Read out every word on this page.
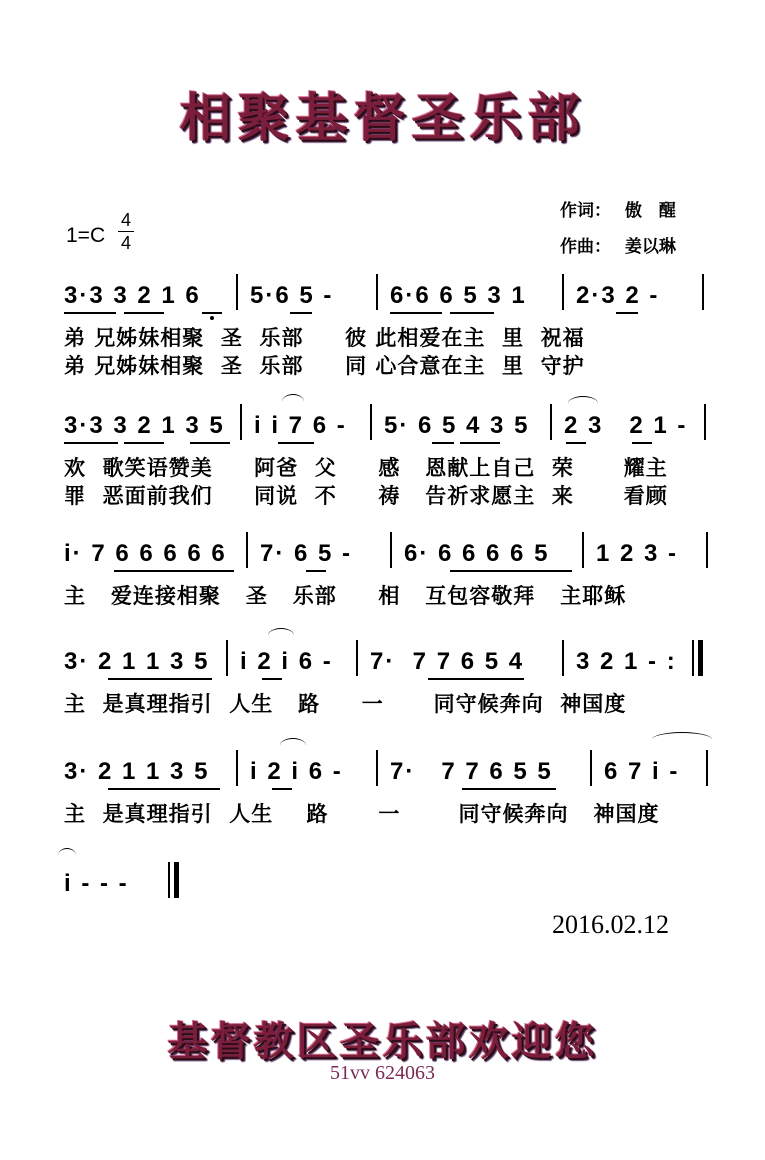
相聚基督圣乐部
作词： 傲　醒
作曲： 姜以琳
1=C
4
4
3·3 3 2 1 6 5·6 5 - 6·6 6 5 3 1 2·3 2 -
弟 兄姊妹相聚  圣  乐部     彼 此相爱在主  里  祝福
弟 兄姊妹相聚  圣  乐部     同 心合意在主  里  守护
3·3 3 2 1 3 5 i i 7 6 - 5· 6 5 4 3 5 2 3   2 1 -
欢  歌笑语赞美     阿爸  父     感   恩献上自己  荣      耀主
罪  恶面前我们     同说  不     祷   告祈求愿主  来      看顾
i· 7 6 6 6 6 6 7· 6 5 - 6· 6 6 6 6 5 1 2 3 -
主   爱连接相聚   圣   乐部     相   互包容敬拜   主耶稣
3· 2 1 1 3 5 i 2 i 6 - 7·  7 7 6 5 4 3 2 1 - :
主  是真理指引  人生   路     一      同守候奔向  神国度
3· 2 1 1 3 5 i 2 i 6 - 7·   7 7 6 5 5 6 7 i -
主  是真理指引  人生    路      一       同守候奔向   神国度
i - - -
2016.02.12
基督教区圣乐部欢迎您
51vv 624063
